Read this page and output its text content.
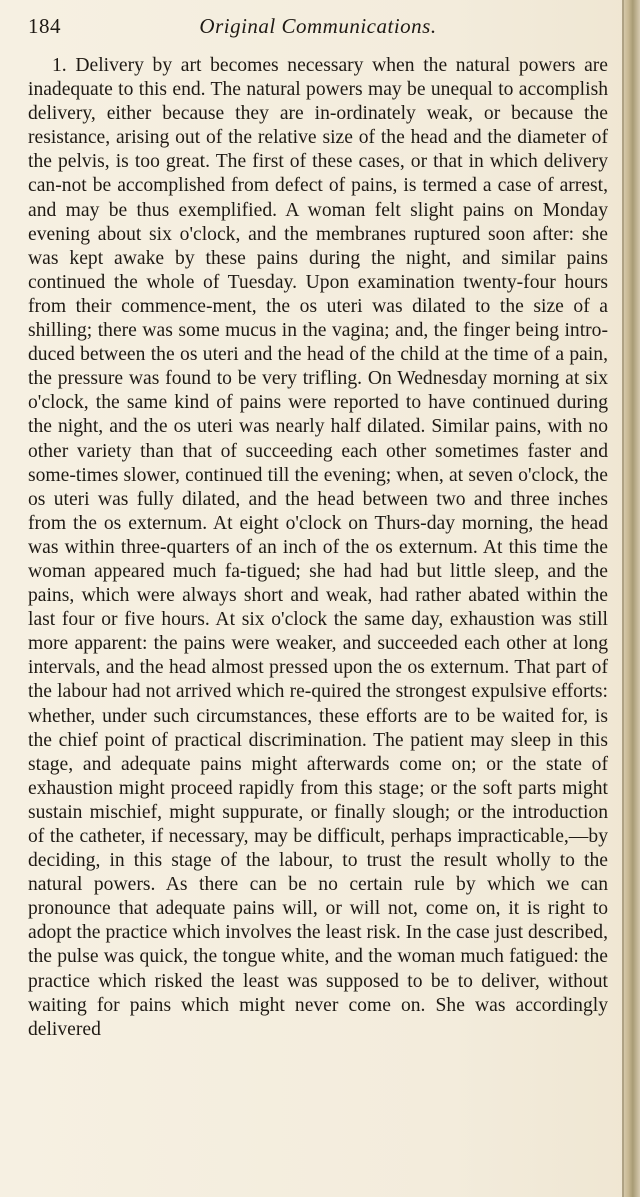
184	Original Communications.

1. Delivery by art becomes necessary when the natural powers are inadequate to this end. The natural powers may be unequal to accomplish delivery, either because they are in-ordinately weak, or because the resistance, arising out of the relative size of the head and the diameter of the pelvis, is too great. The first of these cases, or that in which delivery can-not be accomplished from defect of pains, is termed a case of arrest, and may be thus exemplified. A woman felt slight pains on Monday evening about six o'clock, and the membranes ruptured soon after: she was kept awake by these pains during the night, and similar pains continued the whole of Tuesday. Upon examination twenty-four hours from their commence-ment, the os uteri was dilated to the size of a shilling; there was some mucus in the vagina; and, the finger being intro-duced between the os uteri and the head of the child at the time of a pain, the pressure was found to be very trifling. On Wednesday morning at six o'clock, the same kind of pains were reported to have continued during the night, and the os uteri was nearly half dilated. Similar pains, with no other variety than that of succeeding each other sometimes faster and some-times slower, continued till the evening; when, at seven o'clock, the os uteri was fully dilated, and the head between two and three inches from the os externum. At eight o'clock on Thurs-day morning, the head was within three-quarters of an inch of the os externum. At this time the woman appeared much fa-tigued; she had had but little sleep, and the pains, which were always short and weak, had rather abated within the last four or five hours. At six o'clock the same day, exhaustion was still more apparent: the pains were weaker, and succeeded each other at long intervals, and the head almost pressed upon the os externum. That part of the labour had not arrived which re-quired the strongest expulsive efforts: whether, under such circumstances, these efforts are to be waited for, is the chief point of practical discrimination. The patient may sleep in this stage, and adequate pains might afterwards come on; or the state of exhaustion might proceed rapidly from this stage; or the soft parts might sustain mischief, might suppurate, or finally slough; or the introduction of the catheter, if necessary, may be difficult, perhaps impracticable,—by deciding, in this stage of the labour, to trust the result wholly to the natural powers. As there can be no certain rule by which we can pronounce that adequate pains will, or will not, come on, it is right to adopt the practice which involves the least risk. In the case just described, the pulse was quick, the tongue white, and the woman much fatigued: the practice which risked the least was supposed to be to deliver, without waiting for pains which might never come on. She was accordingly delivered
